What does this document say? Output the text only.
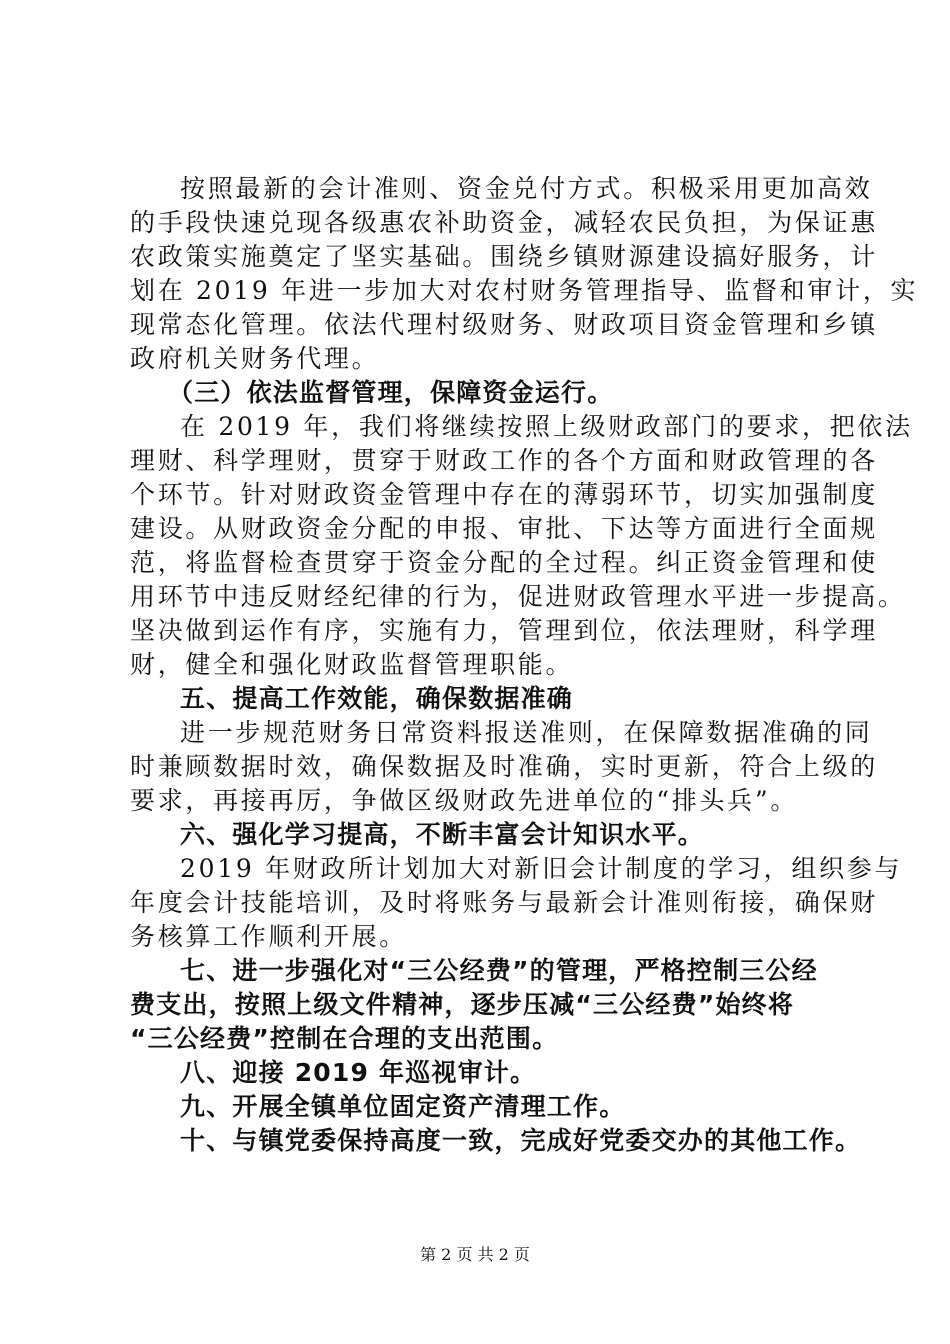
按照最新的会计准则、资金兑付方式。积极采用更加高效
的手段快速兑现各级惠农补助资金，减轻农民负担，为保证惠
农政策实施奠定了坚实基础。围绕乡镇财源建设搞好服务，计
划在 2019 年进一步加大对农村财务管理指导、监督和审计，实
现常态化管理。依法代理村级财务、财政项目资金管理和乡镇
政府机关财务代理。
（三）依法监督管理，保障资金运行。
在 2019 年，我们将继续按照上级财政部门的要求，把依法
理财、科学理财，贯穿于财政工作的各个方面和财政管理的各
个环节。针对财政资金管理中存在的薄弱环节，切实加强制度
建设。从财政资金分配的申报、审批、下达等方面进行全面规
范，将监督检查贯穿于资金分配的全过程。纠正资金管理和使
用环节中违反财经纪律的行为，促进财政管理水平进一步提高。
坚决做到运作有序，实施有力，管理到位，依法理财，科学理
财，健全和强化财政监督管理职能。
五、提高工作效能，确保数据准确
进一步规范财务日常资料报送准则，在保障数据准确的同
时兼顾数据时效，确保数据及时准确，实时更新，符合上级的
要求，再接再厉，争做区级财政先进单位的“排头兵”。
六、强化学习提高，不断丰富会计知识水平。
2019 年财政所计划加大对新旧会计制度的学习，组织参与
年度会计技能培训，及时将账务与最新会计准则衔接，确保财
务核算工作顺利开展。
七、进一步强化对“三公经费”的管理，严格控制三公经
费支出，按照上级文件精神，逐步压减“三公经费”始终将
“三公经费”控制在合理的支出范围。
八、迎接 2019 年巡视审计。
九、开展全镇单位固定资产清理工作。
十、与镇党委保持高度一致，完成好党委交办的其他工作。
第 2 页 共 2 页
